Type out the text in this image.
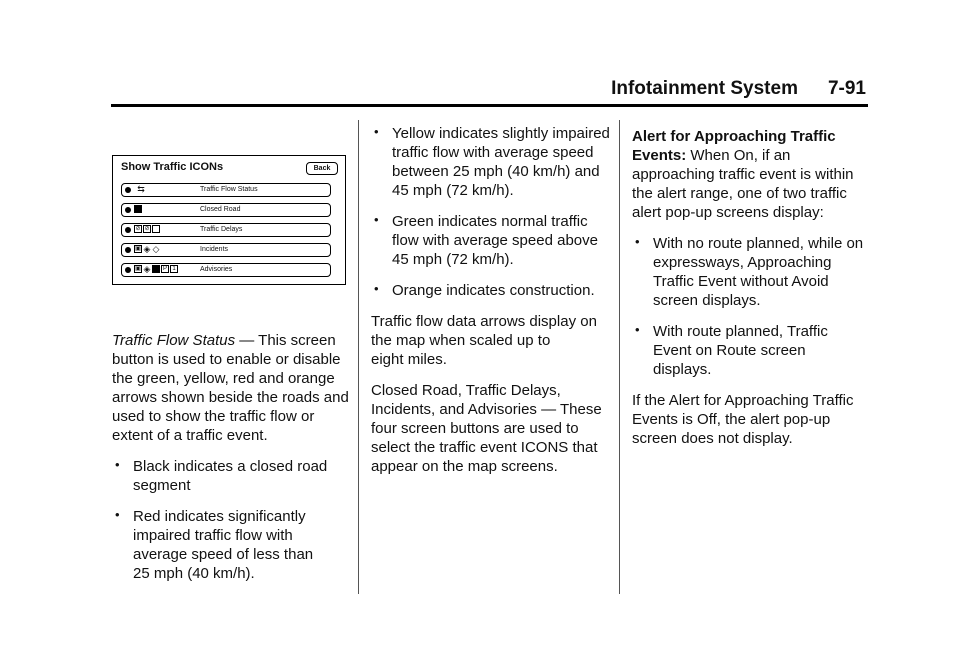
Infotainment System 7-91
Show Traffic ICONs	Back
⇆	Traffic Flow Status
Closed Road
⊘ ⊘	Traffic Delays
▣ ◈ ◇	Incidents
▣ ◈	P 1	Advisories

Traffic Flow Status — This screen button is used to enable or disable the green, yellow, red and orange arrows shown beside the roads and used to show the traffic flow or extent of a traffic event.

• Black indicates a closed road segment
• Red indicates significantly impaired traffic flow with average speed of less than 25 mph (40 km/h).
• Yellow indicates slightly impaired traffic flow with average speed between 25 mph (40 km/h) and 45 mph (72 km/h).
• Green indicates normal traffic flow with average speed above 45 mph (72 km/h).
• Orange indicates construction.

Traffic flow data arrows display on the map when scaled up to eight miles.

Closed Road, Traffic Delays, Incidents, and Advisories — These four screen buttons are used to select the traffic event ICONS that appear on the map screens.

Alert for Approaching Traffic Events: When On, if an approaching traffic event is within the alert range, one of two traffic alert pop-up screens display:

• With no route planned, while on expressways, Approaching Traffic Event without Avoid screen displays.
• With route planned, Traffic Event on Route screen displays.

If the Alert for Approaching Traffic Events is Off, the alert pop-up screen does not display.
